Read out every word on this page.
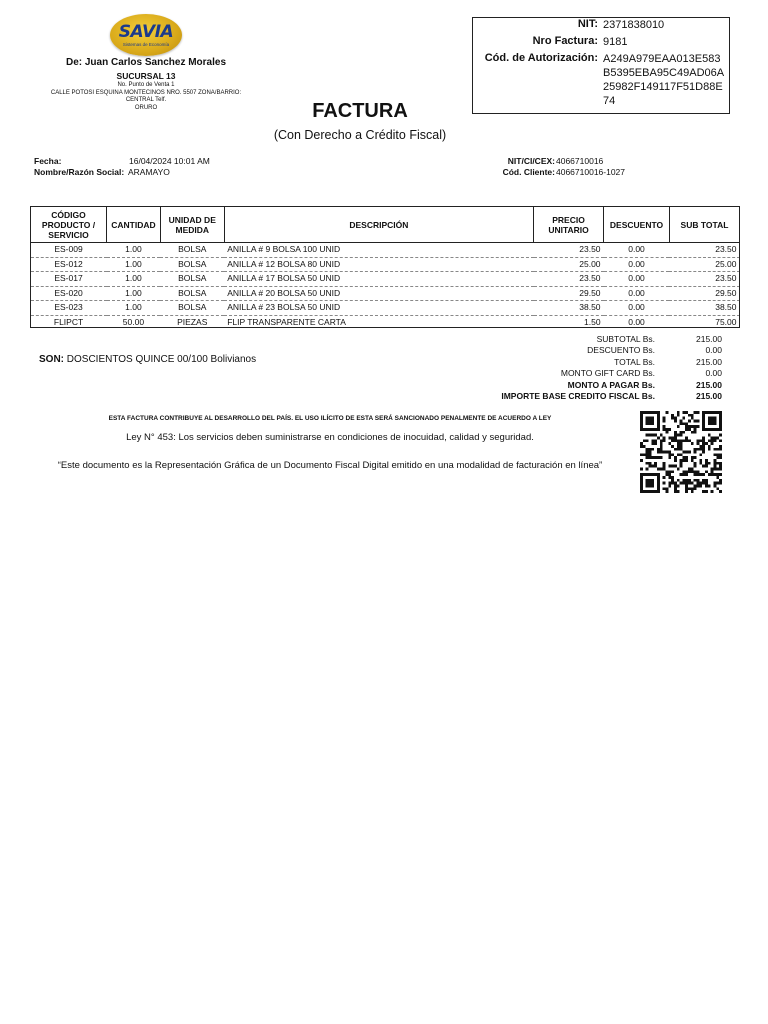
SAVIA
Sistemas de Economía
De: Juan Carlos Sanchez Morales
SUCURSAL 13
No. Punto de Venta 1
CALLE POTOSI ESQUINA MONTECINOS NRO. 5507 ZONA/BARRIO:
CENTRAL Telf.
ORURO	FACTURA
(Con Derecho a Crédito Fiscal)
NIT: 2371838010
Nro Factura: 9181
Cód. de Autorización: A249A979EAA013E583
B5395EBA95C49AD06A
25982F149117F51D88E
74
Fecha:	16/04/2024 10:01 AM
Nombre/Razón Social: ARAMAYO
NIT/CI/CEX: 4066710016
Cód. Cliente: 4066710016-1027
CÓDIGO PRODUCTO / SERVICIO	CANTIDAD	UNIDAD DE MEDIDA	DESCRIPCIÓN	PRECIO UNITARIO	DESCUENTO	SUB TOTAL
ES-009	1.00	BOLSA	ANILLA # 9 BOLSA 100 UNID	23.50	0.00	23.50
ES-012	1.00	BOLSA	ANILLA # 12 BOLSA 80 UNID	25.00	0.00	25.00
ES-017	1.00	BOLSA	ANILLA # 17 BOLSA 50 UNID	23.50	0.00	23.50
ES-020	1.00	BOLSA	ANILLA # 20 BOLSA 50 UNID	29.50	0.00	29.50
ES-023	1.00	BOLSA	ANILLA # 23 BOLSA 50 UNID	38.50	0.00	38.50
FLIPCT	50.00	PIEZAS	FLIP TRANSPARENTE CARTA	1.50	0.00	75.00
SON: DOSCIENTOS QUINCE 00/100 Bolivianos
SUBTOTAL Bs.	215.00
DESCUENTO Bs.	0.00
TOTAL Bs.	215.00
MONTO GIFT CARD Bs.	0.00
MONTO A PAGAR Bs.	215.00
IMPORTE BASE CREDITO FISCAL Bs.	215.00
ESTA FACTURA CONTRIBUYE AL DESARROLLO DEL PAÍS. EL USO ILÍCITO DE ESTA SERÁ SANCIONADO PENALMENTE DE ACUERDO A LEY
Ley N° 453: Los servicios deben suministrarse en condiciones de inocuidad, calidad y seguridad.
“Este documento es la Representación Gráfica de un Documento Fiscal Digital emitido en una modalidad de facturación en línea”
